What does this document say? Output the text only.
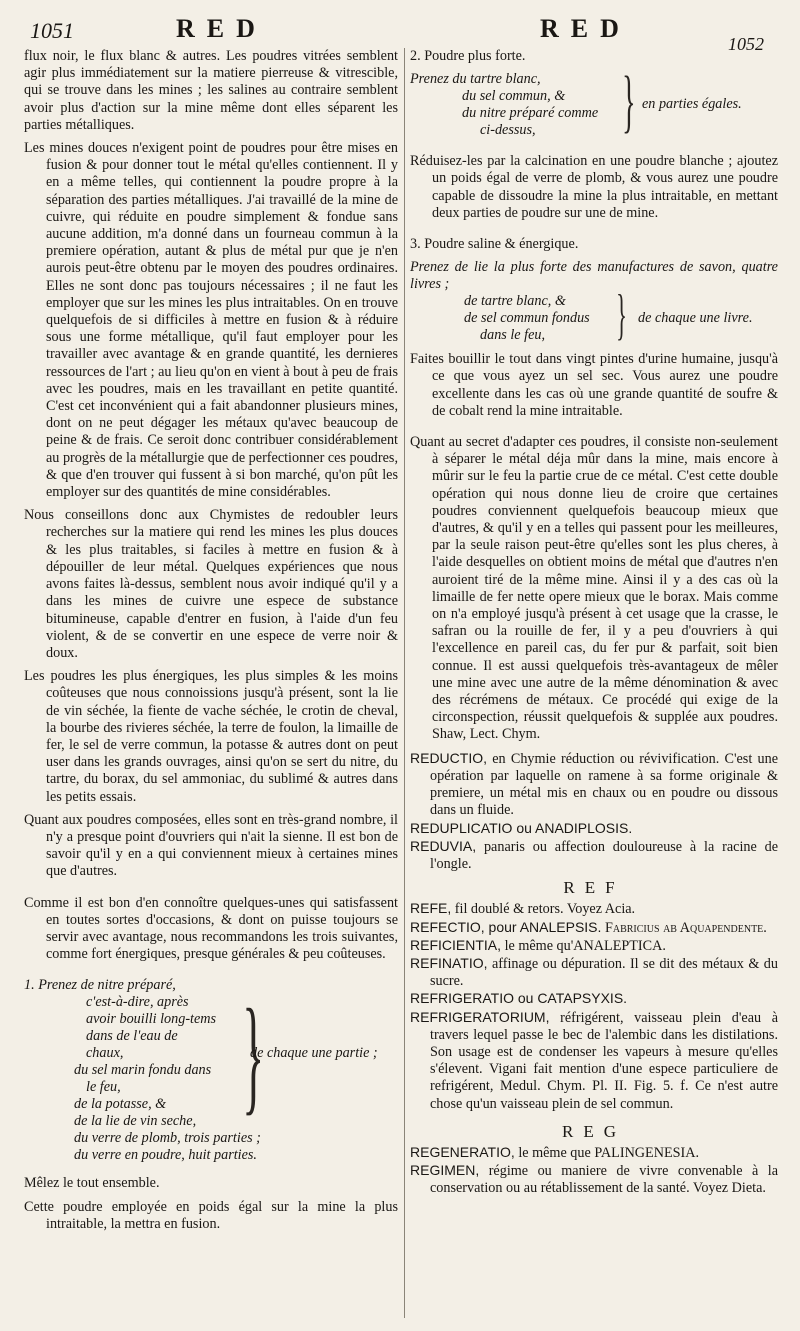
1051	RED	RED
1052

flux noir, le flux blanc & autres. Les poudres vitrées semblent agir plus immédiatement sur la matiere pierreuse & vitrescible, qui se trouve dans les mines ; les salines au contraire semblent avoir plus d'action sur la mine même dont elles séparent les parties métalliques.

Les mines douces n'exigent point de poudres pour être mises en fusion & pour donner tout le métal qu'elles contiennent. Il y en a même telles, qui contiennent la poudre propre à la séparation des parties métalliques. J'ai travaillé de la mine de cuivre, qui réduite en poudre simplement & fondue sans aucune addition, m'a donné dans un fourneau commun à la premiere opération, autant & plus de métal pur que je n'en aurois peut-être obtenu par le moyen des poudres ordinaires. Elles ne sont donc pas toujours nécessaires ; il ne faut les employer que sur les mines les plus intraitables. On en trouve quelquefois de si difficiles à mettre en fusion & à réduire sous une forme métallique, qu'il faut employer pour les travailler avec avantage & en grande quantité, les dernieres ressources de l'art ; au lieu qu'on en vient à bout à peu de frais avec les poudres, mais en les travaillant en petite quantité. C'est cet inconvénient qui a fait abandonner plusieurs mines, dont on ne peut dégager les métaux qu'avec beaucoup de peine & de frais. Ce seroit donc contribuer considérablement au progrès de la métallurgie que de perfectionner ces poudres, & que d'en trouver qui fussent à si bon marché, qu'on pût les employer sur des quantités de mine considérables.

Nous conseillons donc aux Chymistes de redoubler leurs recherches sur la matiere qui rend les mines les plus douces & les plus traitables, si faciles à mettre en fusion & à dépouiller de leur métal. Quelques expériences que nous avons faites là-dessus, semblent nous avoir indiqué qu'il y a dans les mines de cuivre une espece de substance bitumineuse, capable d'entrer en fusion, à l'aide d'un feu violent, & de se convertir en une espece de verre noir & doux.

Les poudres les plus énergiques, les plus simples & les moins coûteuses que nous connoissions jusqu'à présent, sont la lie de vin séchée, la fiente de vache séchée, le crotin de cheval, la bourbe des rivieres séchée, la terre de foulon, la limaille de fer, le sel de verre commun, la potasse & autres dont on peut user dans les grands ouvrages, ainsi qu'on se sert du nitre, du tartre, du borax, du sel ammoniac, du sublimé & autres dans les petits essais.

Quant aux poudres composées, elles sont en très-grand nombre, il n'y a presque point d'ouvriers qui n'ait la sienne. Il est bon de savoir qu'il y en a qui conviennent mieux à certaines mines que d'autres.

Comme il est bon d'en connoître quelques-unes qui satisfassent en toutes sortes d'occasions, & dont on puisse toujours se servir avec avantage, nous recommandons les trois suivantes, comme fort énergiques, presque générales & peu coûteuses.

1. Prenez de nitre préparé,
c'est-à-dire, après
avoir bouilli long-tems
dans de l'eau de
chaux,
du sel marin fondu dans
le feu,
de la potasse, &
de la lie de vin seche, }
de chaque une partie ;
du verre de plomb, trois parties ;
du verre en poudre, huit parties.

Mêlez le tout ensemble.

Cette poudre employée en poids égal sur la mine la plus intraitable, la mettra en fusion.

2. Poudre plus forte.

Prenez du tartre blanc,
du sel commun, &
du nitre préparé comme
ci-dessus, } en parties égales.

Réduisez-les par la calcination en une poudre blanche ; ajoutez un poids égal de verre de plomb, & vous aurez une poudre capable de dissoudre la mine la plus intraitable, en mettant deux parties de poudre sur une de mine.

3. Poudre saline & énergique.

Prenez de lie la plus forte des manufactures de savon, quatre livres ;
de tartre blanc, &
de sel commun fondus
dans le feu, } de chaque une livre.

Faites bouillir le tout dans vingt pintes d'urine humaine, jusqu'à ce que vous ayez un sel sec. Vous aurez une poudre excellente dans les cas où une grande quantité de soufre & de cobalt rend la mine intraitable.

Quant au secret d'adapter ces poudres, il consiste non-seulement à séparer le métal déja mûr dans la mine, mais encore à mûrir sur le feu la partie crue de ce métal. C'est cette double opération qui nous donne lieu de croire que certaines poudres conviennent quelquefois beaucoup mieux que d'autres, & qu'il y en a telles qui passent pour les meilleures, par la seule raison peut-être qu'elles sont les plus cheres, à l'aide desquelles on obtient moins de métal que d'autres n'en auroient tiré de la même mine. Ainsi il y a des cas où la limaille de fer nette opere mieux que le borax. Mais comme on n'a employé jusqu'à présent à cet usage que la crasse, le safran ou la rouille de fer, il y a peu d'ouvriers à qui l'excellence en pareil cas, du fer pur & parfait, soit bien connue. Il est aussi quelquefois très-avantageux de mêler une mine avec une autre de la même dénomination & avec des récrémens de métaux. Ce procédé qui exige de la circonspection, réussit quelquefois & supplée aux poudres. Shaw, Lect. Chym.

REDUCTIO, en Chymie réduction ou révivification. C'est une opération par laquelle on ramene à sa forme originale & premiere, un métal mis en chaux ou en poudre ou dissous dans un fluide.

REDUPLICATIO ou ANADIPLOSIS.

REDUVIA, panaris ou affection douloureuse à la racine de l'ongle.

REF

REFE, fil doublé & retors. Voyez Acia.

REFECTIO, pour ANALEPSIS. Fabricius ab Aquapendente.

REFICIENTIA, le même qu'ANALEPTICA.

REFINATIO, affinage ou dépuration. Il se dit des métaux & du sucre.

REFRIGERATIO ou CATAPSYXIS.

REFRIGERATORIUM, réfrigérent, vaisseau plein d'eau à travers lequel passe le bec de l'alembic dans les distilations. Son usage est de condenser les vapeurs à mesure qu'elles s'élevent. Vigani fait mention d'une espece particuliere de refrigérent, Medul. Chym. Pl. II. Fig. 5. f. Ce n'est autre chose qu'un vaisseau plein de sel commun.

REG

REGENERATIO, le même que PALINGENESIA.

REGIMEN, régime ou maniere de vivre convenable à la conservation ou au rétablissement de la santé. Voyez Dieta.
